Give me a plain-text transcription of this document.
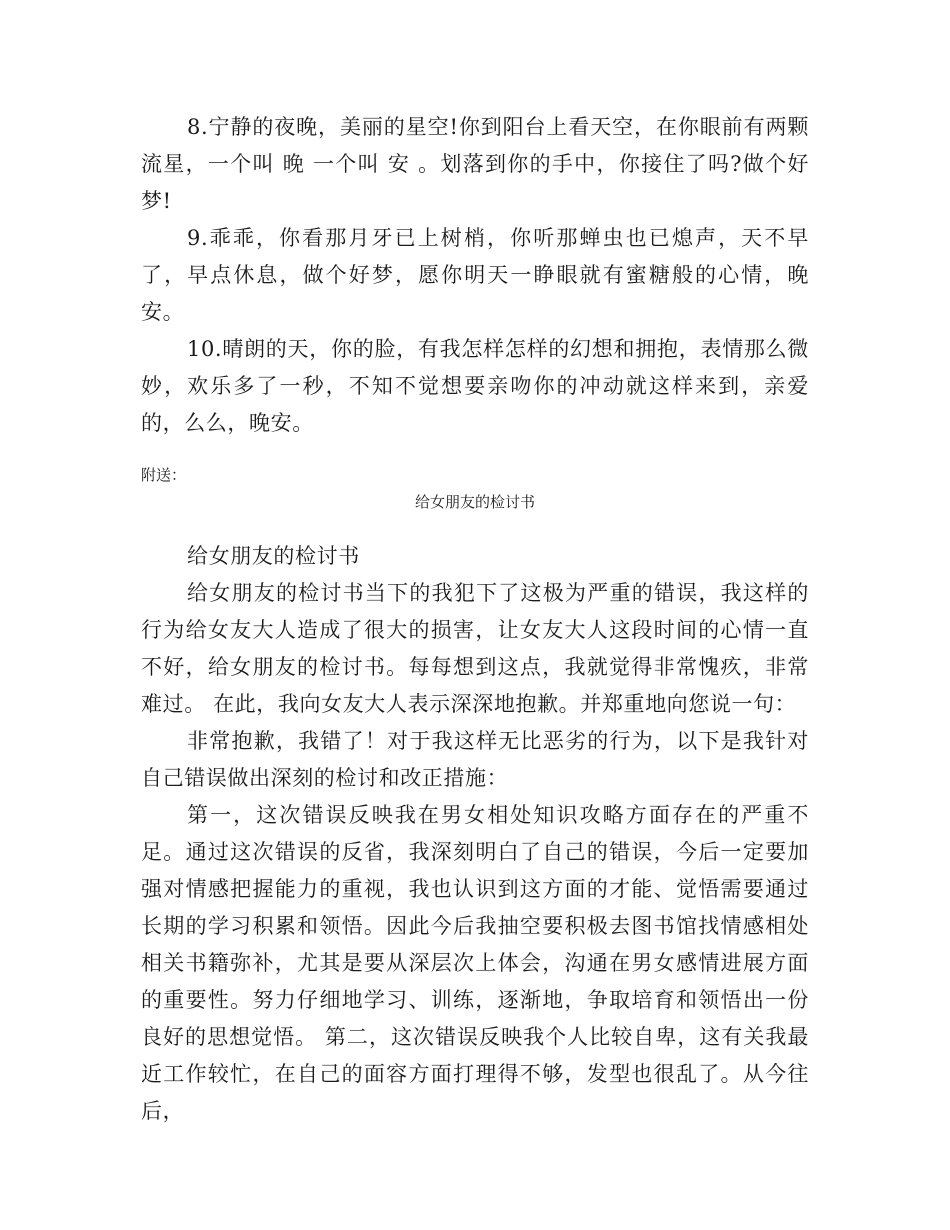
8.宁静的夜晚，美丽的星空!你到阳台上看天空，在你眼前有两颗流星，一个叫 晚 一个叫 安 。划落到你的手中，你接住了吗?做个好梦!

9.乖乖，你看那月牙已上树梢，你听那蝉虫也已熄声，天不早了，早点休息，做个好梦，愿你明天一睁眼就有蜜糖般的心情，晚安。

10.晴朗的天，你的脸，有我怎样怎样的幻想和拥抱，表情那么微妙，欢乐多了一秒，不知不觉想要亲吻你的冲动就这样来到，亲爱的，么么，晚安。

附送：

给女朋友的检讨书

给女朋友的检讨书

给女朋友的检讨书当下的我犯下了这极为严重的错误，我这样的行为给女友大人造成了很大的损害，让女友大人这段时间的心情一直不好，给女朋友的检讨书。每每想到这点，我就觉得非常愧疚，非常难过。 在此，我向女友大人表示深深地抱歉。并郑重地向您说一句：

非常抱歉，我错了！对于我这样无比恶劣的行为，以下是我针对自己错误做出深刻的检讨和改正措施：

第一，这次错误反映我在男女相处知识攻略方面存在的严重不足。通过这次错误的反省，我深刻明白了自己的错误，今后一定要加强对情感把握能力的重视，我也认识到这方面的才能、觉悟需要通过长期的学习积累和领悟。因此今后我抽空要积极去图书馆找情感相处相关书籍弥补，尤其是要从深层次上体会，沟通在男女感情进展方面的重要性。努力仔细地学习、训练，逐渐地，争取培育和领悟出一份良好的思想觉悟。 第二，这次错误反映我个人比较自卑，这有关我最近工作较忙，在自己的面容方面打理得不够，发型也很乱了。从今往后，
